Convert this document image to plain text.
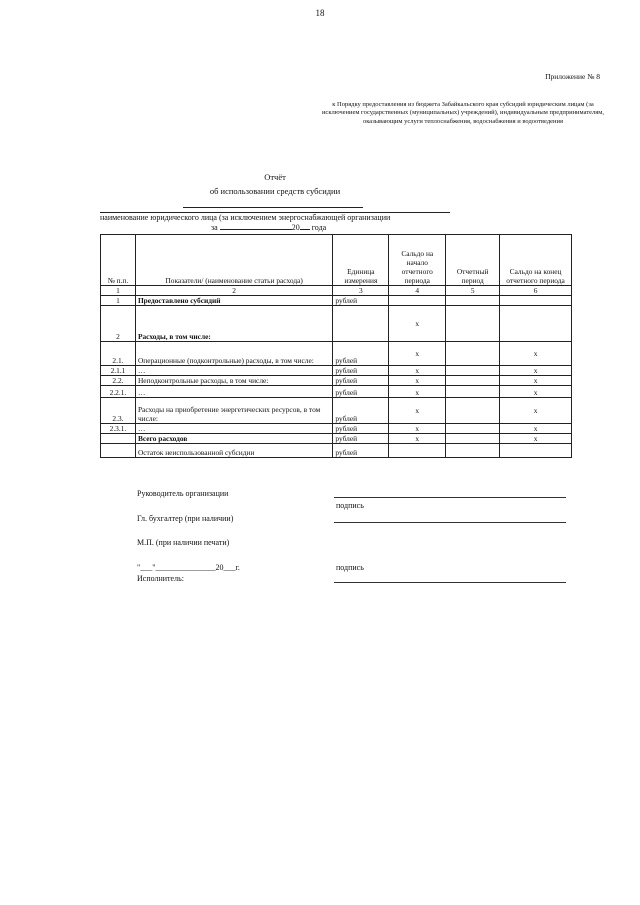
18
Приложение № 8
к Порядку предоставления из бюджета Забайкальского края субсидий юридическим лицам (за исключением государственных (муниципальных) учреждений), индивидуальным предпринимателям, оказывающим услуги теплоснабжения, водоснабжения и водоотведения
Отчёт
об использовании средств субсидии
наименование юридического лица (за исключением энергоснабжающей организации
за	20 года
№ п.п.	Показатели/ (наименование статьи расхода)	Единица измерения	Сальдо на начало отчетного периода	Отчетный период	Сальдо на конец отчетного периода
1	2	3	4	5	6
1	Предоставлено субсидий	рублей			
2	Расходы, в том числе:		x		
2.1.	Операционные (подконтрольные) расходы, в том числе:	рублей	x		x
2.1.1	…	рублей	x		x
2.2.	Неподконтрольные расходы, в том числе:	рублей	x		x
2.2.1.	…	рублей	x		x
2.3.	Расходы на приобретение энергетических ресурсов, в том числе:	рублей	x		x
2.3.1.	…	рублей	x		x
	Всего расходов	рублей	x		x
	Остаток неиспользованной субсидии	рублей			
Руководитель организации
подпись
Гл. бухгалтер (при наличии)
М.П. (при наличии печати)
"___"_______________20___г.	подпись
Исполнитель:
